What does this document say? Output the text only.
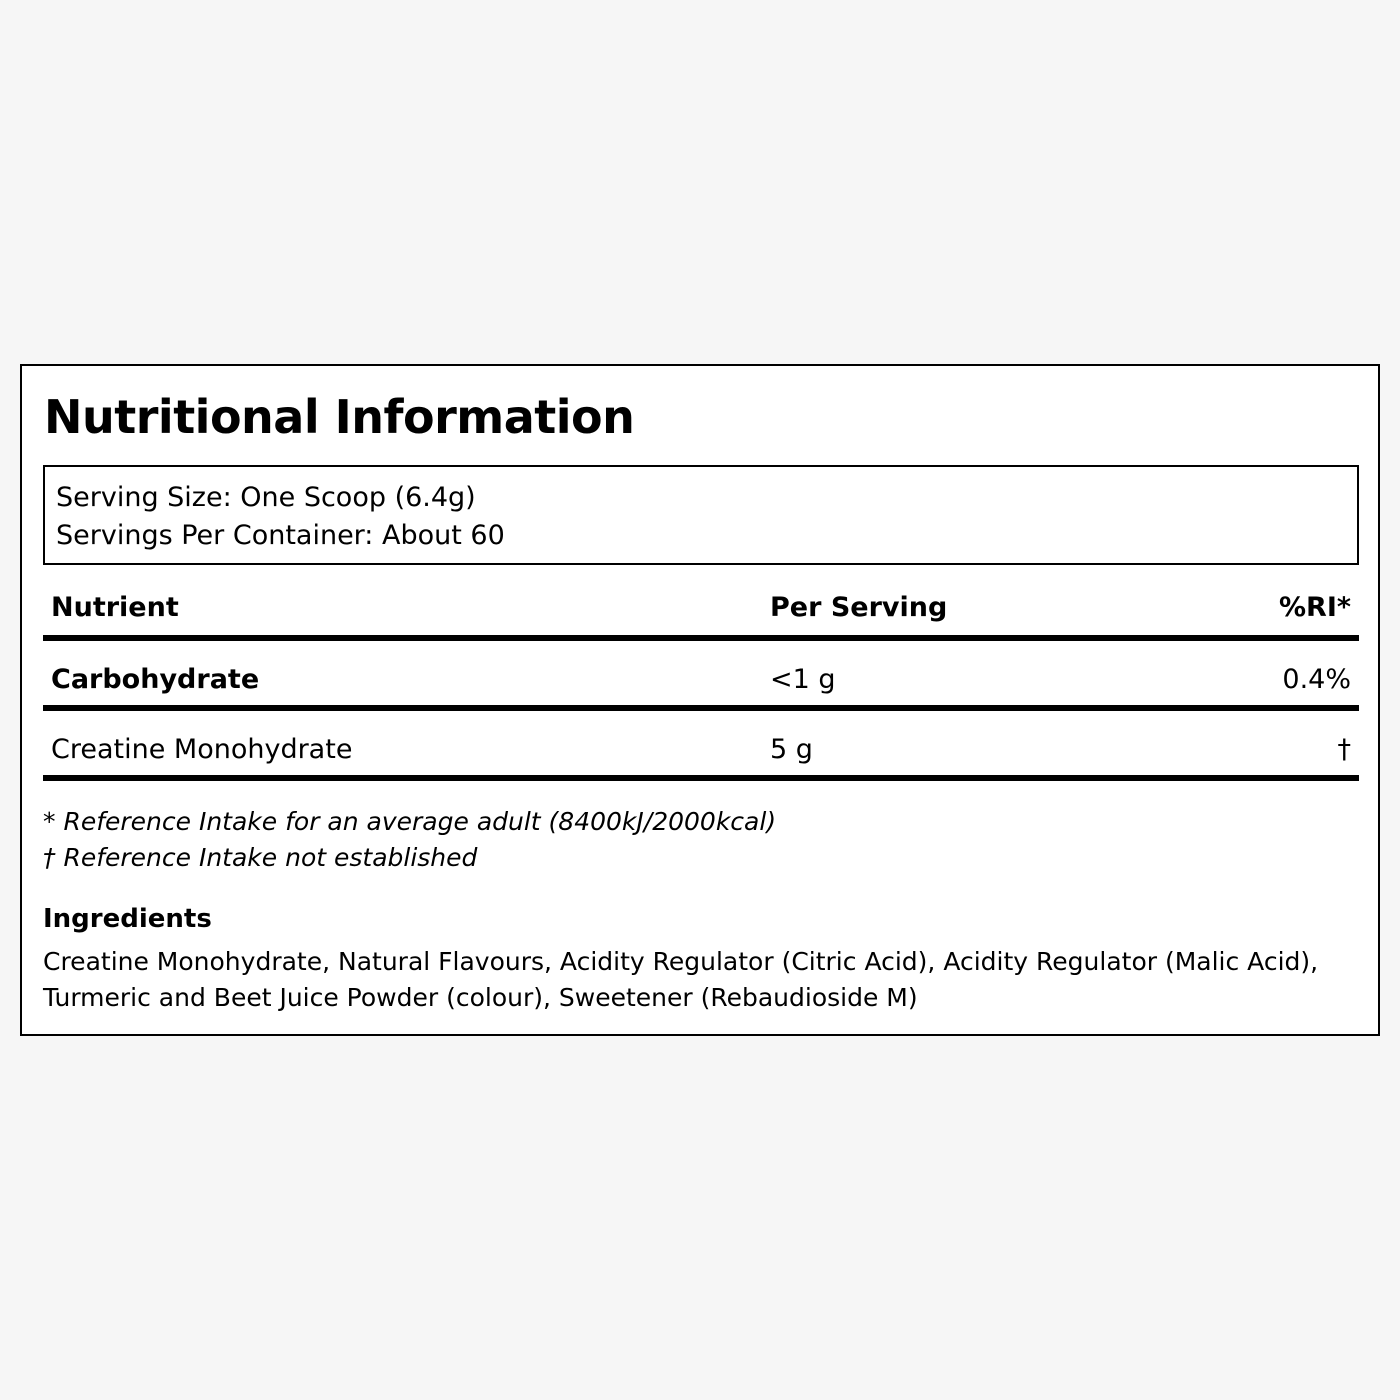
Nutritional Information
Serving Size: One Scoop (6.4g)
Servings Per Container: About 60
Nutrient	Per Serving	%RI*
Carbohydrate	<1 g	0.4%
Creatine Monohydrate	5 g	†
* Reference Intake for an average adult (8400kJ/2000kcal)
† Reference Intake not established
Ingredients

Creatine Monohydrate, Natural Flavours, Acidity Regulator (Citric Acid), Acidity Regulator (Malic Acid), Turmeric and Beet Juice Powder (colour), Sweetener (Rebaudioside M)
